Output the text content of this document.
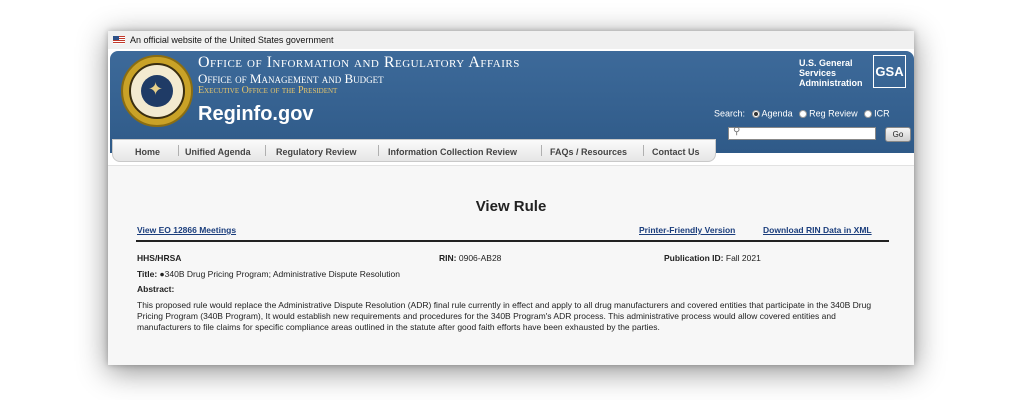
An official website of the United States government
✦
Office of Information and Regulatory Affairs
Office of Management and Budget
Executive Office of the President
Reginfo.gov
U.S. General
Services
Administration
GSA
Search: Agenda Reg Review ICR
⚲	Go
Home	Unified Agenda	Regulatory Review	Information Collection Review	FAQs / Resources	Contact Us
View Rule
View EO 12866 Meetings	Printer-Friendly Version	Download RIN Data in XML
HHS/HRSA	RIN: 0906-AB28	Publication ID: Fall 2021
Title: ●340B Drug Pricing Program; Administrative Dispute Resolution
Abstract:
This proposed rule would replace the Administrative Dispute Resolution (ADR) final rule currently in effect and apply to all drug manufacturers and covered entities that participate in the 340B Drug Pricing Program (340B Program), It would establish new requirements and procedures for the 340B Program's ADR process. This administrative process would allow covered entities and manufacturers to file claims for specific compliance areas outlined in the statute after good faith efforts have been exhausted by the parties.
